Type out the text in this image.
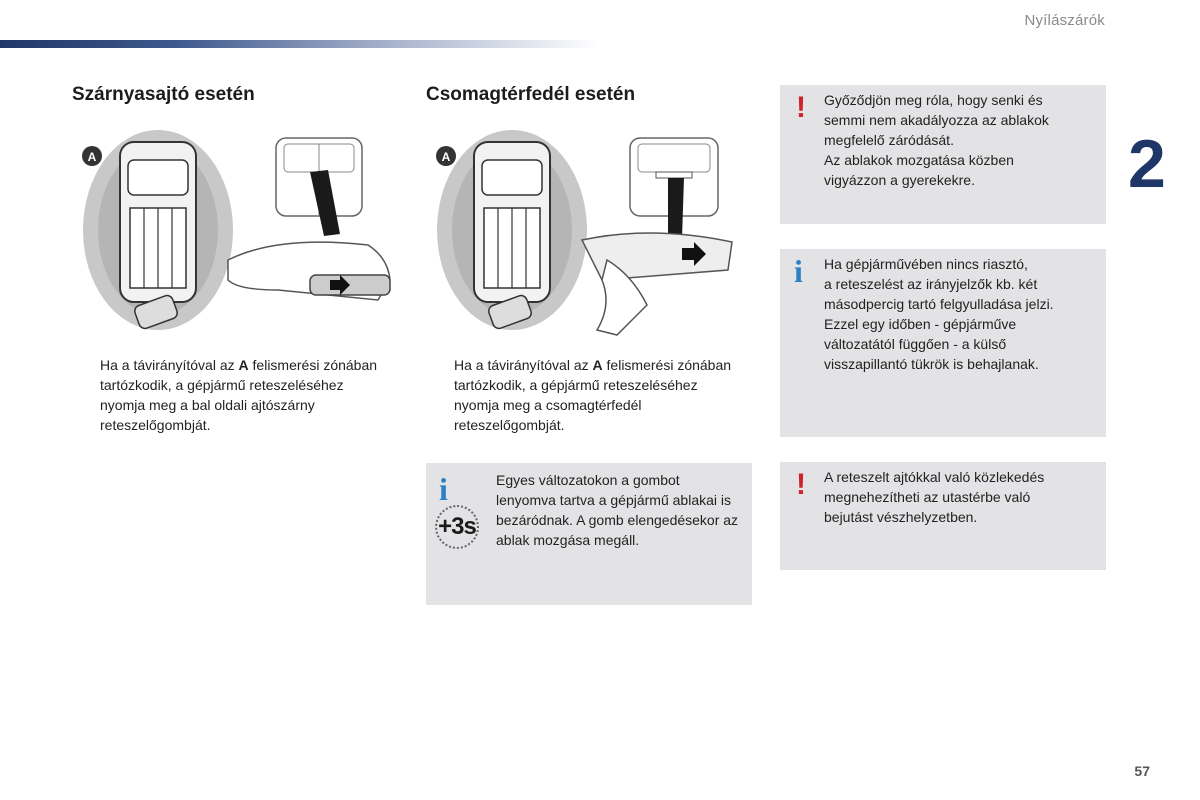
Nyílászárók
2
Szárnyasajtó esetén
A
Ha a távirányítóval az A felismerési zónában tartózkodik, a gépjármű reteszeléséhez nyomja meg a bal oldali ajtószárny reteszelőgombját.
Csomagtérfedél esetén
A
Ha a távirányítóval az A felismerési zónában tartózkodik, a gépjármű reteszeléséhez nyomja meg a csomagtérfedél reteszelőgombját.
i
+3s
Egyes változatokon a gombot lenyomva tartva a gépjármű ablakai is bezáródnak. A gomb elengedésekor az ablak mozgása megáll.
! Győződjön meg róla, hogy senki és
semmi nem akadályozza az ablakok
megfelelő záródását.
Az ablakok mozgatása közben
vigyázzon a gyerekekre.
i Ha gépjárművében nincs riasztó,
a reteszelést az irányjelzők kb. két
másodpercig tartó felgyulladása jelzi.
Ezzel egy időben - gépjárműve
változatától függően - a külső
visszapillantó tükrök is behajlanak.
! A reteszelt ajtókkal való közlekedés
megnehezítheti az utastérbe való
bejutást vészhelyzetben.
57
